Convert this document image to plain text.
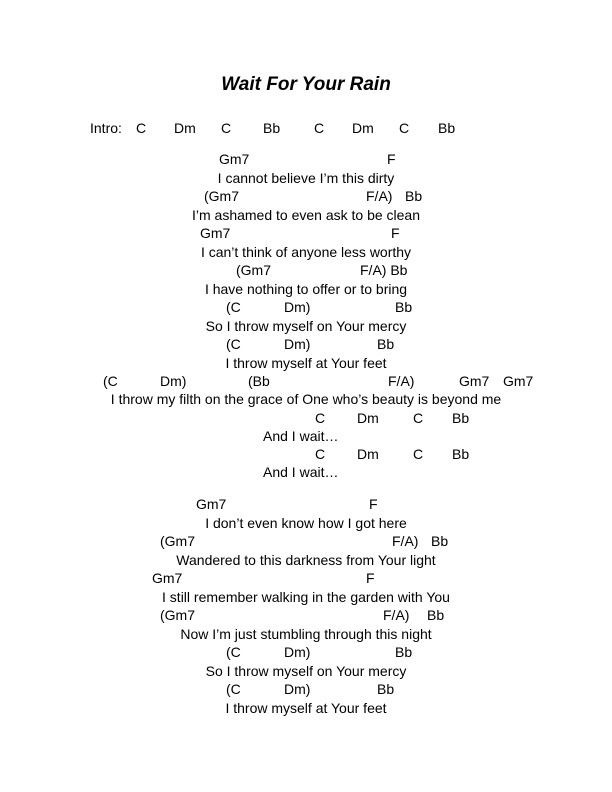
Wait For Your Rain
Intro: C Dm C Bb C Dm C Bb
Gm7	F
I cannot believe I’m this dirty
(Gm7	F/A) Bb
I’m ashamed to even ask to be clean
Gm7	F
I can’t think of anyone less worthy
(Gm7	F/A) Bb
I have nothing to offer or to bring
(C	Dm)	Bb
So I throw myself on Your mercy
(C	Dm)	Bb
I throw myself at Your feet
(C	Dm)	(Bb	F/A)	Gm7 Gm7
I throw my filth on the grace of One who’s beauty is beyond me
C Dm C Bb
And I wait…
C Dm C Bb
And I wait…
Gm7	F
I don’t even know how I got here
(Gm7	F/A) Bb
Wandered to this darkness from Your light
Gm7	F
I still remember walking in the garden with You
(Gm7	F/A) Bb
Now I’m just stumbling through this night
(C	Dm)	Bb
So I throw myself on Your mercy
(C	Dm)	Bb
I throw myself at Your feet
